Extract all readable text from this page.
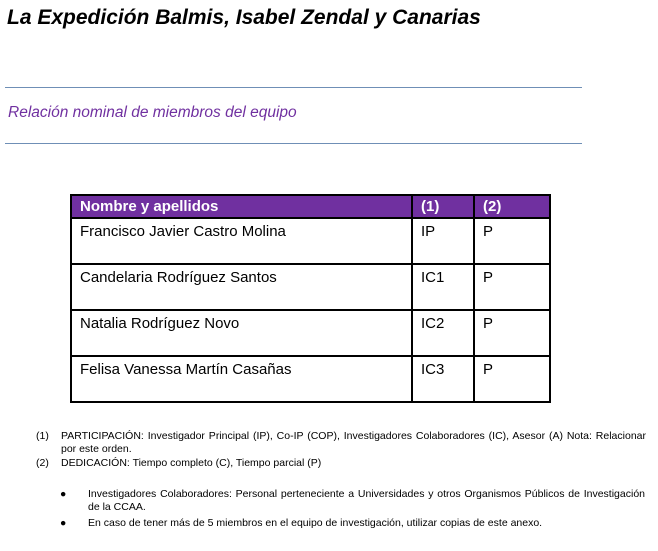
La Expedición Balmis, Isabel Zendal y Canarias
Relación nominal de miembros del equipo
Nombre y apellidos	(1)	(2)
Francisco Javier Castro Molina	IP	P
Candelaria Rodríguez Santos	IC1	P
Natalia Rodríguez Novo	IC2	P
Felisa Vanessa Martín Casañas	IC3	P
(1) PARTICIPACIÓN: Investigador Principal (IP), Co-IP (COP), Investigadores Colaboradores (IC), Asesor (A) Nota: Relacionar por este orden.
(2) DEDICACIÓN: Tiempo completo (C), Tiempo parcial (P)
● Investigadores Colaboradores: Personal perteneciente a Universidades y otros Organismos Públicos de Investigación de la CCAA.
● En caso de tener más de 5 miembros en el equipo de investigación, utilizar copias de este anexo.
